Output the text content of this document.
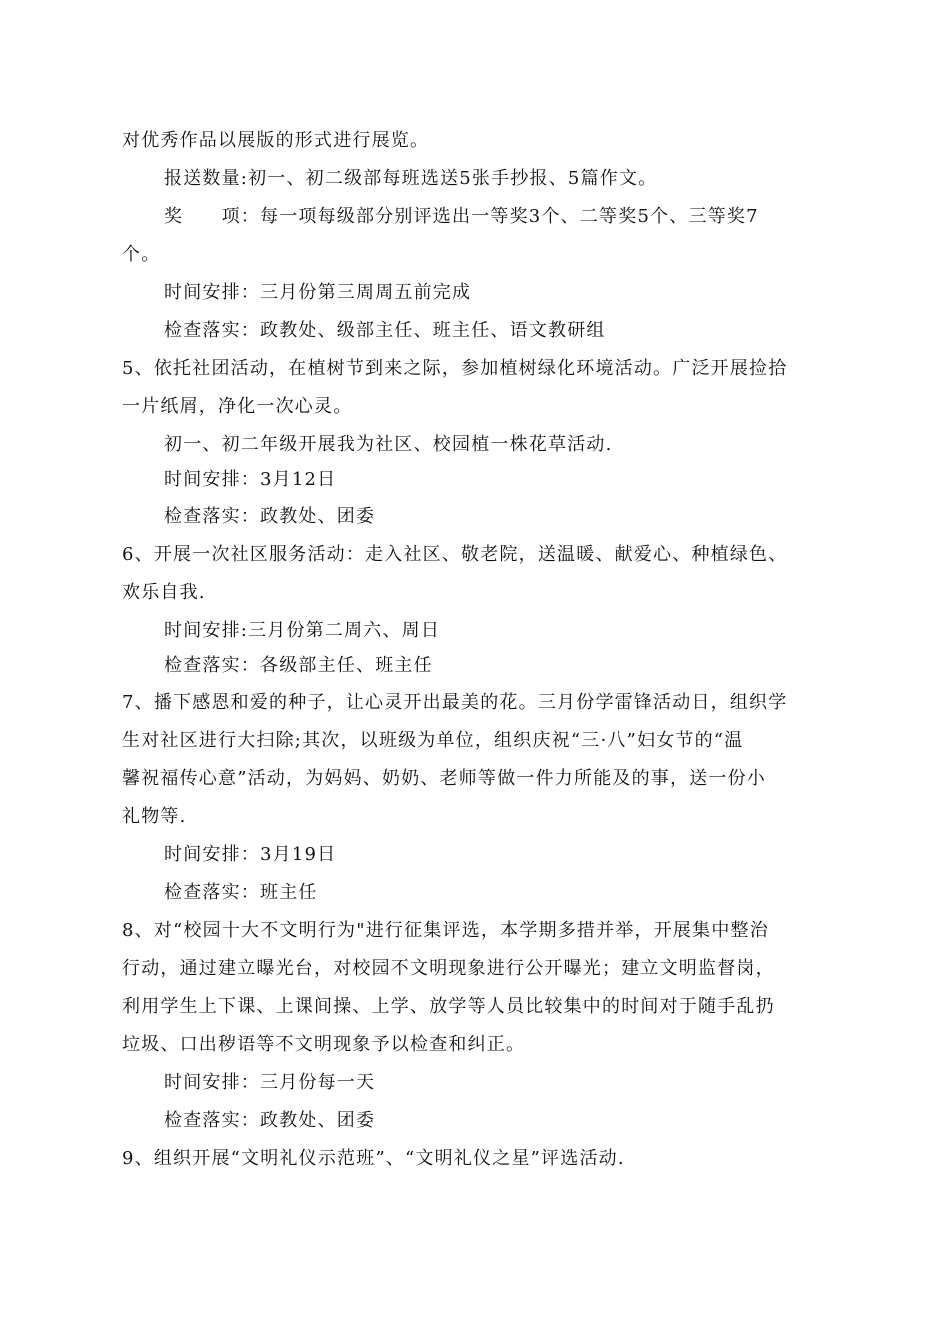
对优秀作品以展版的形式进行展览。
报送数量:初一、初二级部每班选送5张手抄报、5篇作文。
奖　　项：每一项每级部分别评选出一等奖3个、二等奖5个、三等奖7
个。
时间安排：三月份第三周周五前完成
检查落实：政教处、级部主任、班主任、语文教研组
5、依托社团活动，在植树节到来之际，参加植树绿化环境活动。广泛开展捡拾
一片纸屑，净化一次心灵。
初一、初二年级开展我为社区、校园植一株花草活动.
时间安排：3月12日
检查落实：政教处、团委
6、开展一次社区服务活动：走入社区、敬老院，送温暖、献爱心、种植绿色、
欢乐自我.
时间安排:三月份第二周六、周日
检查落实：各级部主任、班主任
7、播下感恩和爱的种子，让心灵开出最美的花。三月份学雷锋活动日，组织学
生对社区进行大扫除;其次，以班级为单位，组织庆祝“三·八”妇女节的“温
馨祝福传心意”活动，为妈妈、奶奶、老师等做一件力所能及的事，送一份小
礼物等.
时间安排：3月19日
检查落实：班主任
8、对“校园十大不文明行为"进行征集评选，本学期多措并举，开展集中整治
行动，通过建立曝光台，对校园不文明现象进行公开曝光；建立文明监督岗，
利用学生上下课、上课间操、上学、放学等人员比较集中的时间对于随手乱扔
垃圾、口出秽语等不文明现象予以检查和纠正。
时间安排：三月份每一天
检查落实：政教处、团委
9、组织开展“文明礼仪示范班”、“文明礼仪之星”评选活动.
